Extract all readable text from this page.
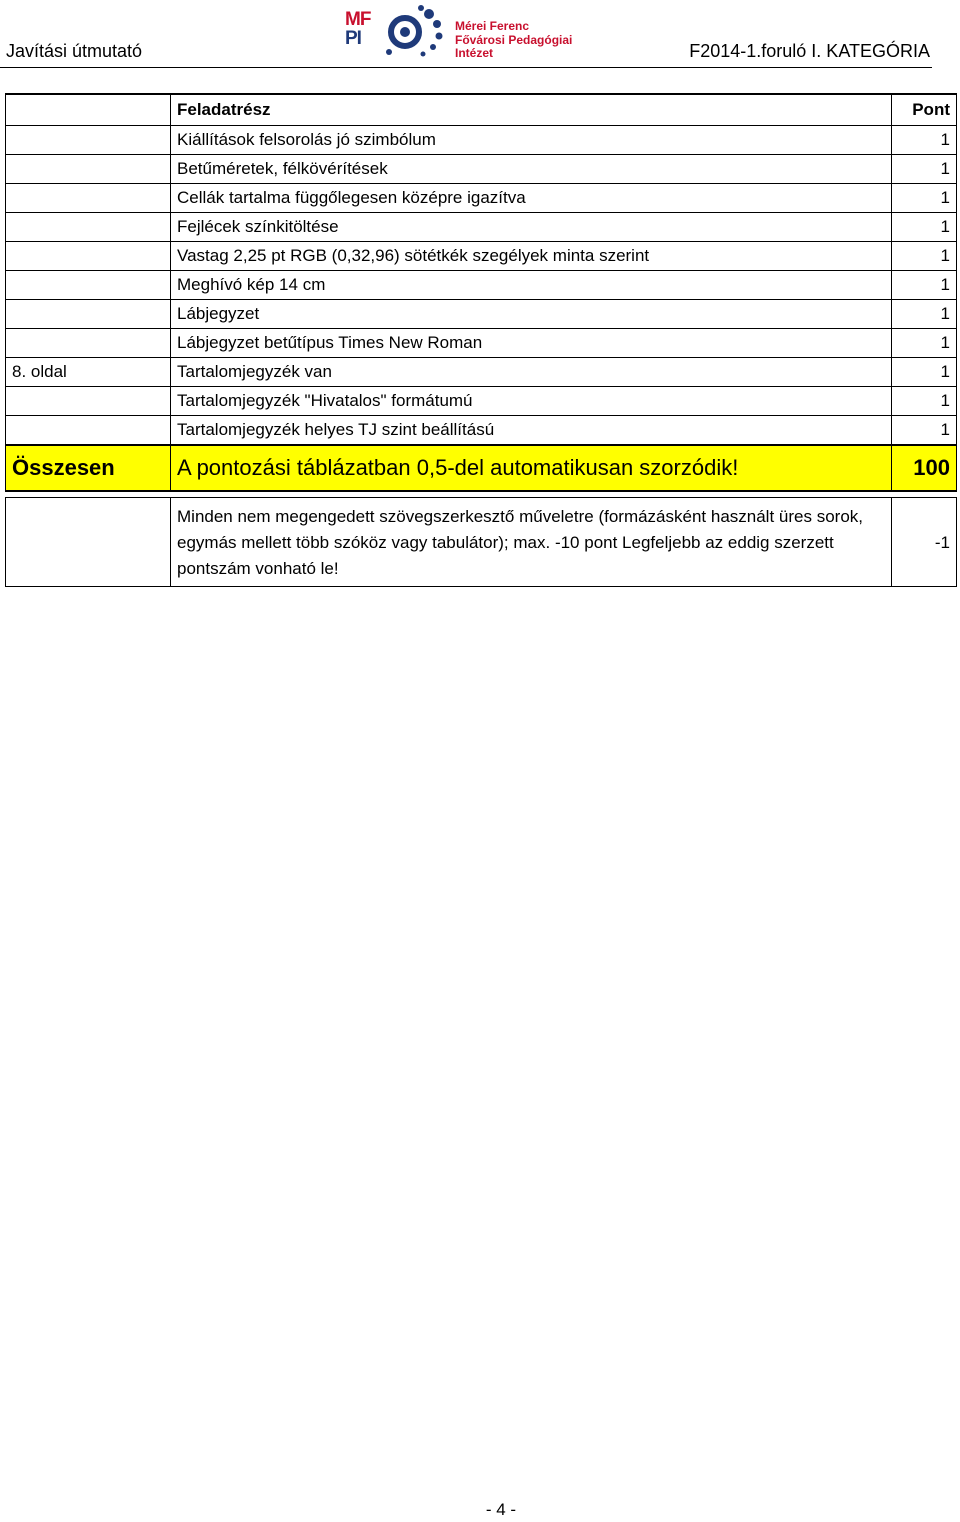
Javítási útmutató
MF
PI
Mérei Ferenc
Fővárosi Pedagógiai Intézet	F2014-1.foruló I. KATEGÓRIA
	Feladatrész	Pont
	Kiállítások felsorolás jó szimbólum	1
	Betűméretek, félkövérítések	1
	Cellák tartalma függőlegesen középre igazítva	1
	Fejlécek színkitöltése	1
	Vastag 2,25 pt RGB (0,32,96) sötétkék szegélyek minta szerint	1
	Meghívó kép 14 cm	1
	Lábjegyzet	1
	Lábjegyzet betűtípus Times New Roman	1
8. oldal	Tartalomjegyzék van	1
	Tartalomjegyzék "Hivatalos" formátumú	1
	Tartalomjegyzék helyes TJ szint beállítású	1
Összesen	A pontozási táblázatban 0,5-del automatikusan szorzódik!	100

	Minden nem megengedett szövegszerkesztő műveletre (formázásként használt üres sorok, egymás mellett több szóköz vagy tabulátor); max. -10 pont Legfeljebb az eddig szerzett pontszám vonható le!	-1
- 4 -
